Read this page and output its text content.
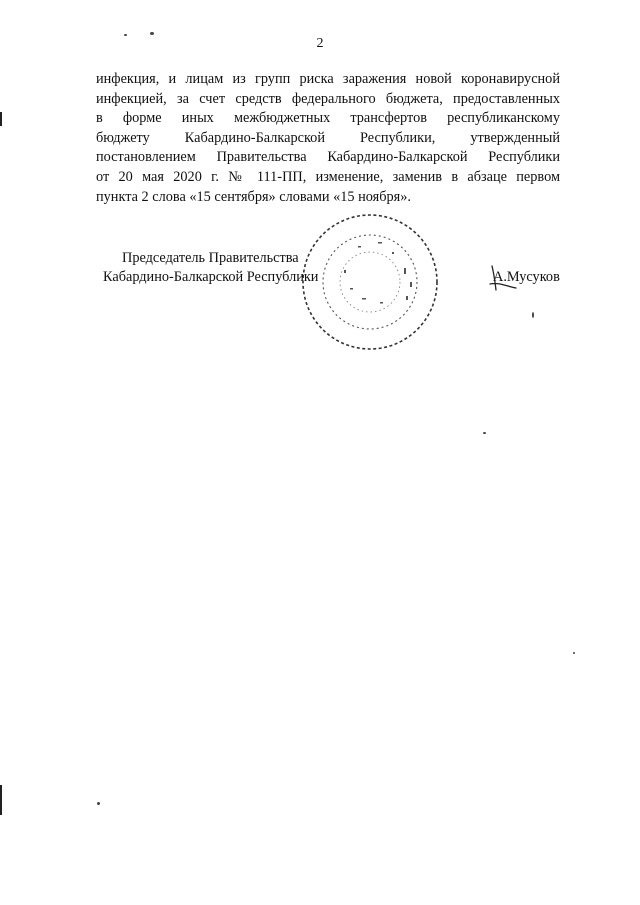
2
инфекция, и лицам из групп риска заражения новой коронавирусной
инфекцией, за счет средств федерального бюджета, предоставленных
в форме иных межбюджетных трансфертов республиканскому
бюджету Кабардино-Балкарской Республики, утвержденный
постановлением Правительства Кабардино-Балкарской Республики
от 20 мая 2020 г. № 111-ПП, изменение, заменив в абзаце первом
пункта 2 слова «15 сентября» словами «15 ноября».
Председатель Правительства
Кабардино-Балкарской Республики	А.Мусуков
